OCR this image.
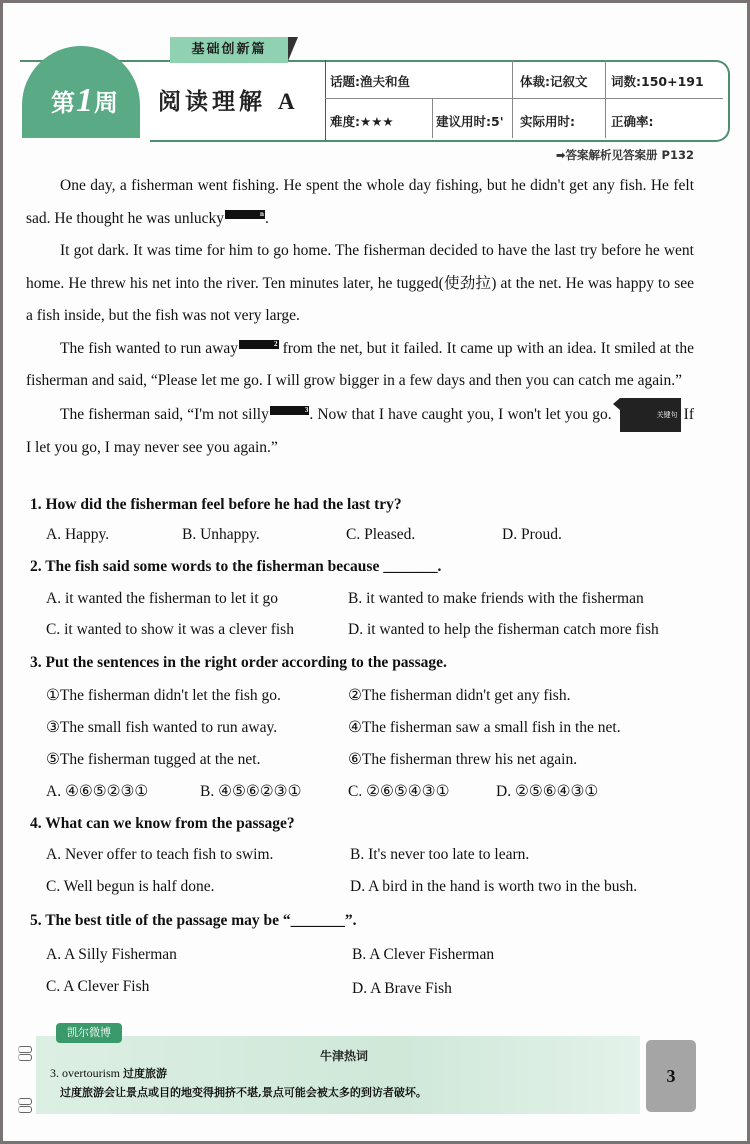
第1周
基础创新篇
阅读理解 A
话题:渔夫和鱼	体裁:记叙文 词数:150+191
难度:★★★	建议用时:5' 实际用时:	正确率:
➡答案解析见答案册 P132

One day, a fisherman went fishing. He spent the whole day fishing, but he didn't get any fish. He felt sad. He thought he was unlucky	n.

It got dark. It was time for him to go home. The fisherman decided to have the last try before he went home. He threw his net into the river. Ten minutes later, he tugged(使劲拉) at the net. He was happy to see a fish inside, but the fish was not very large.

The fish wanted to run away	2 from the net, but it failed. It came up with an idea. It smiled at the fisherman and said, “Please let me go. I will grow bigger in a few days and then you can catch me again.”

The fisherman said, “I'm not silly	3. Now that I have caught you, I won't let you go.	关键句 If I let you go, I may never see you again.”

1. How did the fisherman feel before he had the last try?
A. Happy.	B. Unhappy.	C. Pleased.	D. Proud.
2. The fish said some words to the fisherman because _______.
A. it wanted the fisherman to let it go	B. it wanted to make friends with the fisherman
C. it wanted to show it was a clever fish	D. it wanted to help the fisherman catch more fish
3. Put the sentences in the right order according to the passage.
①The fisherman didn't let the fish go.	②The fisherman didn't get any fish.
③The small fish wanted to run away.	④The fisherman saw a small fish in the net.
⑤The fisherman tugged at the net.	⑥The fisherman threw his net again.
A. ④⑥⑤②③①	B. ④⑤⑥②③①	C. ②⑥⑤④③①	D. ②⑤⑥④③①
4. What can we know from the passage?
A. Never offer to teach fish to swim.	B. It's never too late to learn.
C. Well begun is half done.	D. A bird in the hand is worth two in the bush.
5. The best title of the passage may be “_______”.
A. A Silly Fisherman	B. A Clever Fisherman
C. A Clever Fish	D. A Brave Fish
凯尔微博
牛津热词
3. overtourism 过度旅游
过度旅游会让景点或目的地变得拥挤不堪,景点可能会被太多的到访者破坏。
3
